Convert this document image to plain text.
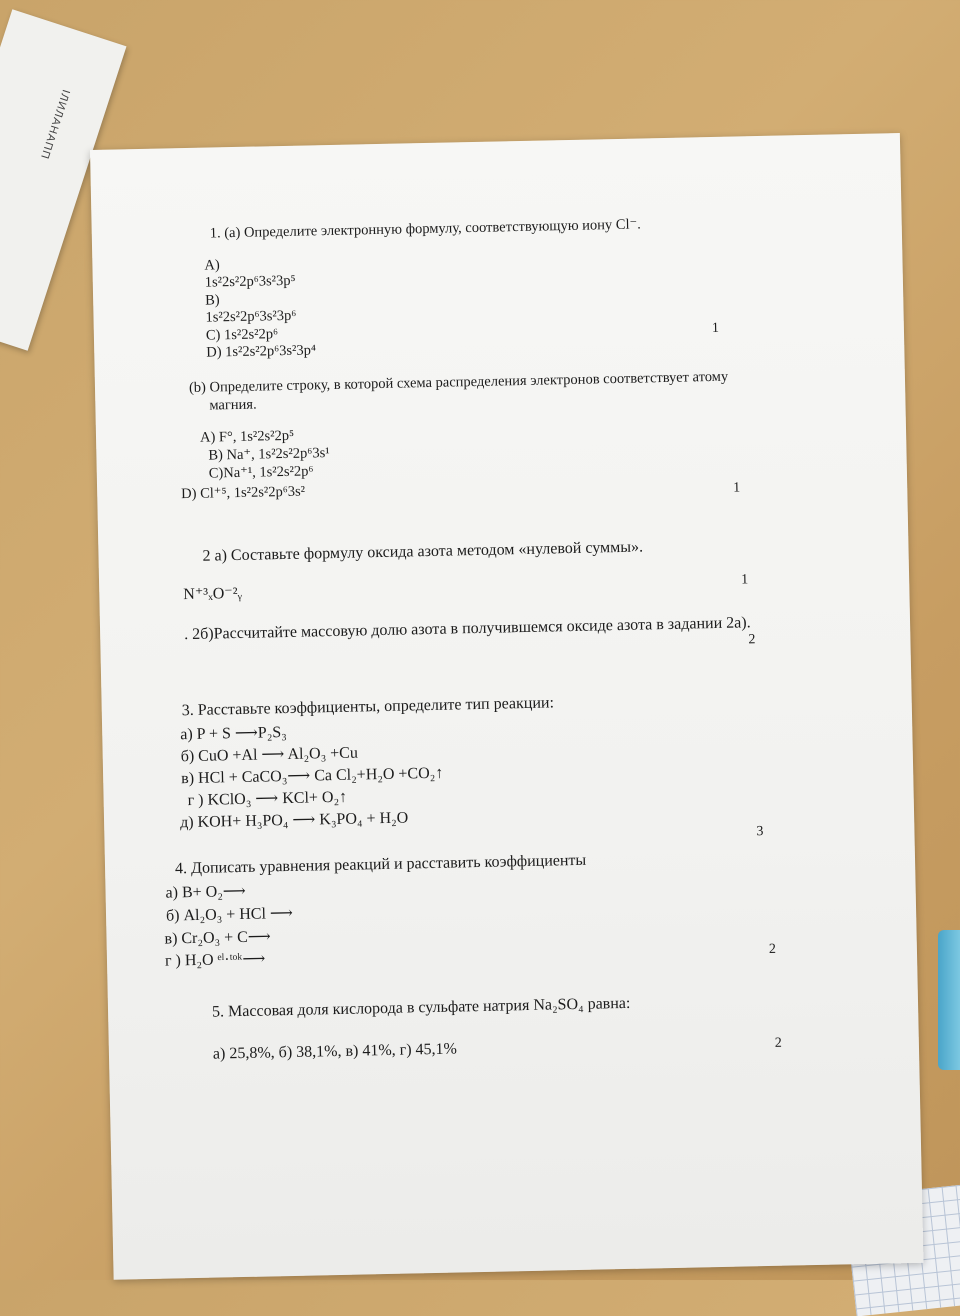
ІЛИЛАНАПП
1. (а) Определите электронную формулу, соответствующую иону Cl⁻.
A)
1s²2s²2p⁶3s²3p⁵
B)
1s²2s²2p⁶3s²3p⁶
C) 1s²2s²2p⁶
D) 1s²2s²2p⁶3s²3p⁴
1
(b) Определите строку, в которой схема распределения электронов соответствует атому
магния.
A) F°, 1s²2s²2p⁵
B) Na⁺, 1s²2s²2p⁶3s¹
C)Na⁺¹, 1s²2s²2p⁶
D) Cl⁺⁵, 1s²2s²2p⁶3s²	1
2 а) Составьте формулу оксида азота методом «нулевой суммы».
N⁺³ₓO⁻²ᵧ
1
. 2б)Рассчитайте массовую долю азота в получившемся оксиде азота в задании 2а).
2
3. Расставьте коэффициенты, определите тип реакции:
а) P + S ⟶P₂S₃
б) CuO +Al ⟶ Al₂O₃ +Cu
в) HCl + CaCO₃⟶ Ca Cl₂+H₂O +CO₂↑
г ) KClO₃ ⟶ KCl+ O₂↑
д) KOH+ H₃PO₄ ⟶ K₃PO₄ + H₂O
3
4. Дописать уравнения реакций и расставить коэффициенты
а) B+ O₂⟶
б) Al₂O₃ + HCl ⟶
в) Cr₂O₃ + C⟶
г ) H₂O ᵉˡ·ᵗᵒᵏ⟶
2
5. Массовая доля кислорода в сульфате натрия Na₂SO₄ равна:
а) 25,8%, б) 38,1%, в) 41%, г) 45,1%	2
